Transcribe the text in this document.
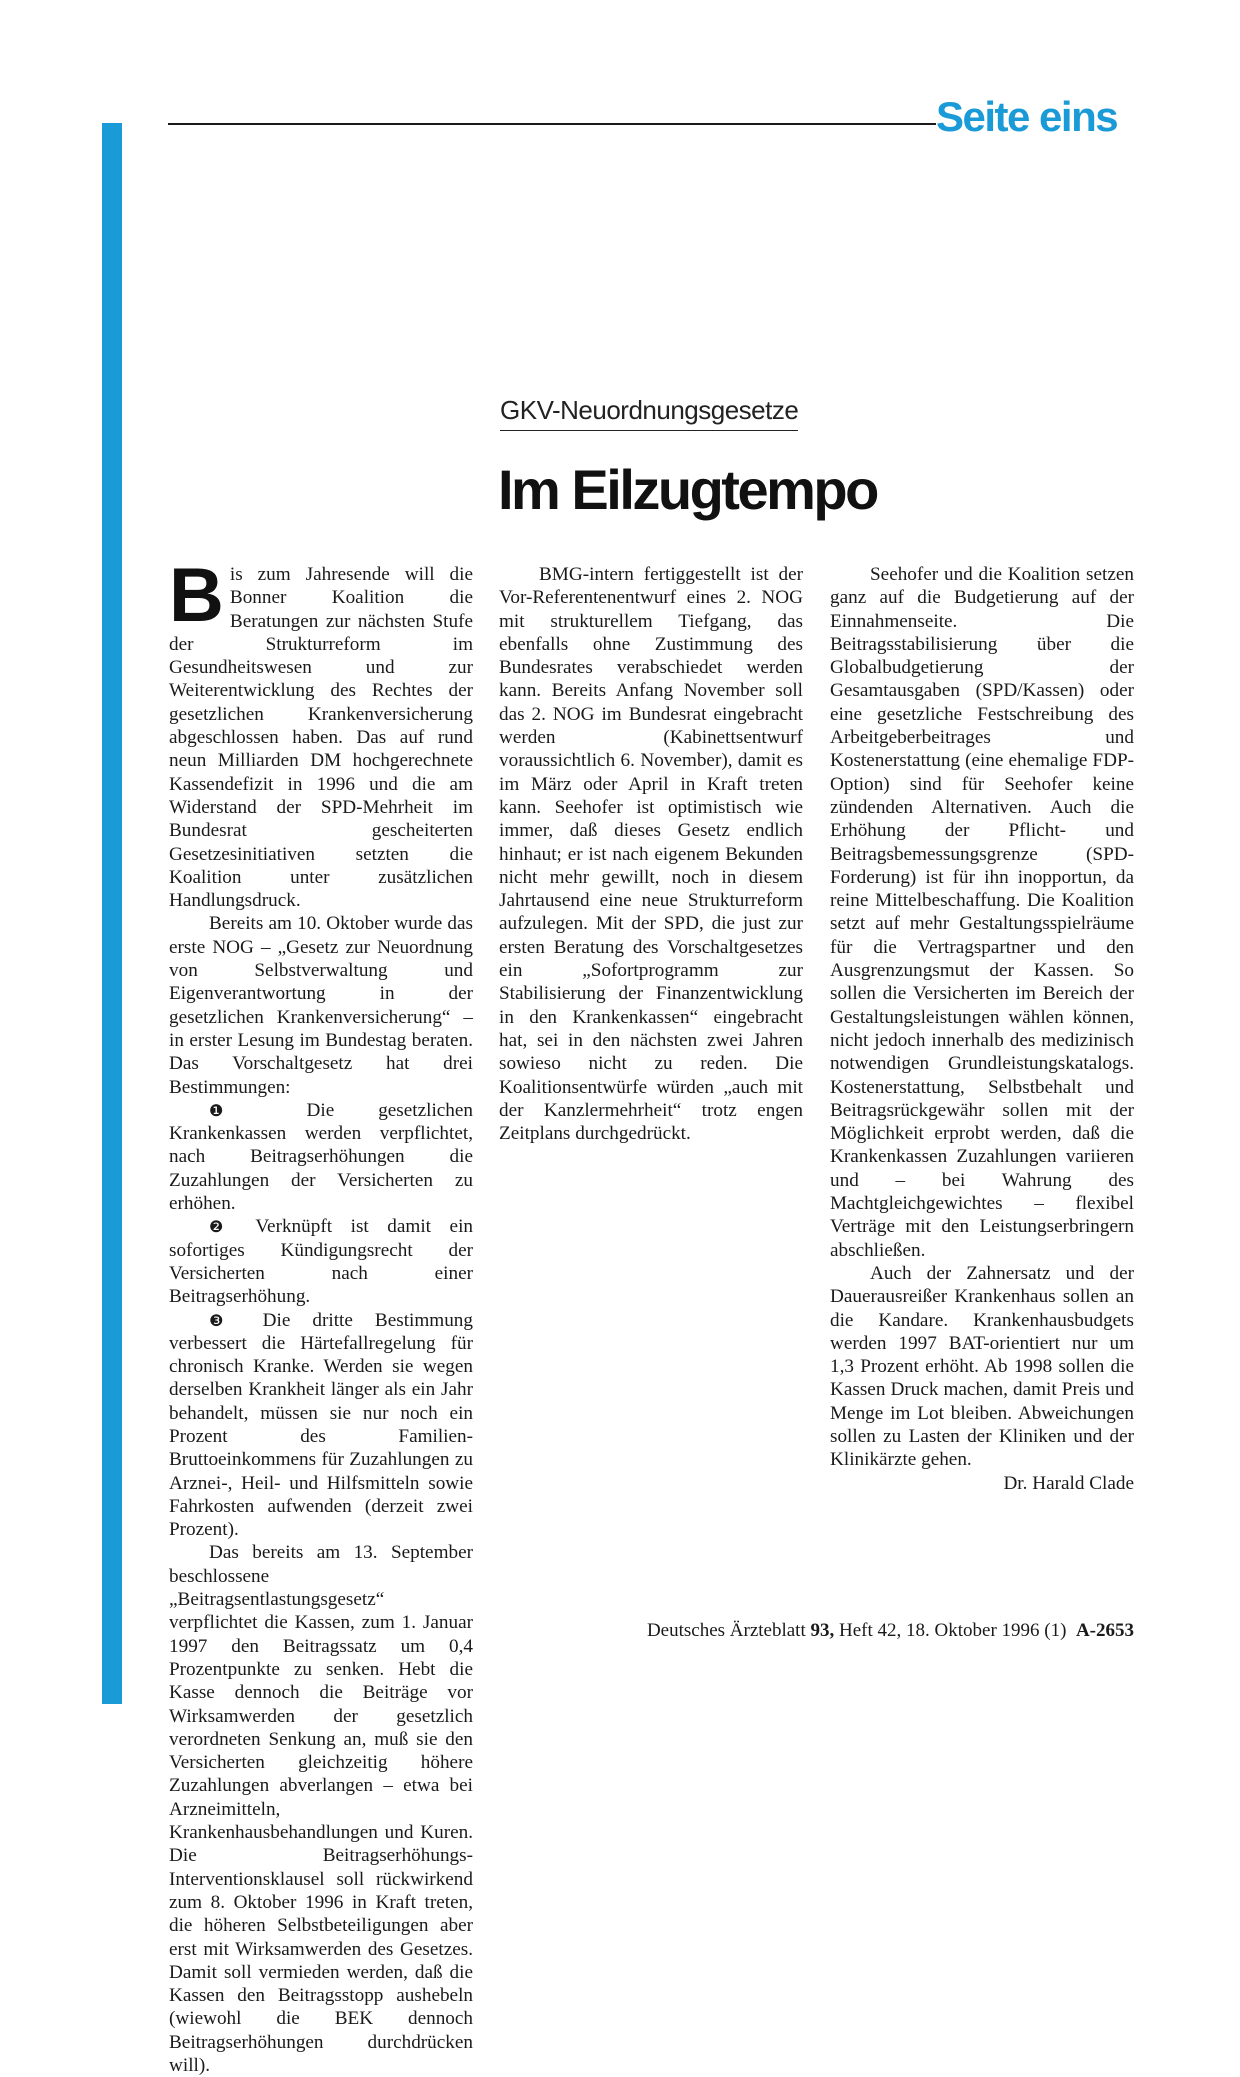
Seite eins
GKV-Neuordnungsgesetze
Im Eilzugtempo

Bis zum Jahresende will die Bonner Koalition die Beratungen zur nächsten Stufe der Strukturreform im Gesundheitswesen und zur Weiterentwicklung des Rechtes der gesetzlichen Krankenversicherung abgeschlossen haben. Das auf rund neun Milliarden DM hochgerechnete Kassendefizit in 1996 und die am Widerstand der SPD-Mehrheit im Bundesrat gescheiterten Gesetzesinitiativen setzten die Koalition unter zusätzlichen Handlungsdruck.

Bereits am 10. Oktober wurde das erste NOG – „Gesetz zur Neuordnung von Selbstverwaltung und Eigenverantwortung in der gesetzlichen Krankenversicherung“ – in erster Lesung im Bundestag beraten. Das Vorschaltgesetz hat drei Bestimmungen:

❶ Die gesetzlichen Krankenkassen werden verpflichtet, nach Beitragserhöhungen die Zuzahlungen der Versicherten zu erhöhen.

❷ Verknüpft ist damit ein sofortiges Kündigungsrecht der Versicherten nach einer Beitragserhöhung.

❸ Die dritte Bestimmung verbessert die Härtefallregelung für chronisch Kranke. Werden sie wegen derselben Krankheit länger als ein Jahr behandelt, müssen sie nur noch ein Prozent des Familien-Bruttoeinkommens für Zuzahlungen zu Arznei-, Heil- und Hilfsmitteln sowie Fahrkosten aufwenden (derzeit zwei Prozent).

Das bereits am 13. September beschlossene „Beitragsentlastungsgesetz“ verpflichtet die Kassen, zum 1. Januar 1997 den Beitragssatz um 0,4 Prozentpunkte zu senken. Hebt die Kasse dennoch die Beiträge vor Wirksamwerden der gesetzlich verordneten Senkung an, muß sie den Versicherten gleichzeitig höhere Zuzahlungen abverlangen – etwa bei Arzneimitteln, Krankenhausbehandlungen und Kuren. Die Beitragserhöhungs-Interventionsklausel soll rückwirkend zum 8. Oktober 1996 in Kraft treten, die höheren Selbstbeteiligungen aber erst mit Wirksamwerden des Gesetzes. Damit soll vermieden werden, daß die Kassen den Beitragsstopp aushebeln (wiewohl die BEK dennoch Beitragserhöhungen durchdrücken will).

BMG-intern fertiggestellt ist der Vor-Referentenentwurf eines 2. NOG mit strukturellem Tiefgang, das ebenfalls ohne Zustimmung des Bundesrates verabschiedet werden kann. Bereits Anfang November soll das 2. NOG im Bundesrat eingebracht werden (Kabinettsentwurf voraussichtlich 6. November), damit es im März oder April in Kraft treten kann. Seehofer ist optimistisch wie immer, daß dieses Gesetz endlich hinhaut; er ist nach eigenem Bekunden nicht mehr gewillt, noch in diesem Jahrtausend eine neue Strukturreform aufzulegen. Mit der SPD, die just zur ersten Beratung des Vorschaltgesetzes ein „Sofortprogramm zur Stabilisierung der Finanzentwicklung in den Krankenkassen“ eingebracht hat, sei in den nächsten zwei Jahren sowieso nicht zu reden. Die Koalitionsentwürfe würden „auch mit der Kanzlermehrheit“ trotz engen Zeitplans durchgedrückt.

Seehofer und die Koalition setzen ganz auf die Budgetierung auf der Einnahmenseite. Die Beitragsstabilisierung über die Globalbudgetierung der Gesamtausgaben (SPD/Kassen) oder eine gesetzliche Festschreibung des Arbeitgeberbeitrages und Kostenerstattung (eine ehemalige FDP-Option) sind für Seehofer keine zündenden Alternativen. Auch die Erhöhung der Pflicht- und Beitragsbemessungsgrenze (SPD-Forderung) ist für ihn inopportun, da reine Mittelbeschaffung. Die Koalition setzt auf mehr Gestaltungsspielräume für die Vertragspartner und den Ausgrenzungsmut der Kassen. So sollen die Versicherten im Bereich der Gestaltungsleistungen wählen können, nicht jedoch innerhalb des medizinisch notwendigen Grundleistungskatalogs. Kostenerstattung, Selbstbehalt und Beitragsrückgewähr sollen mit der Möglichkeit erprobt werden, daß die Krankenkassen Zuzahlungen variieren und – bei Wahrung des Machtgleichgewichtes – flexibel Verträge mit den Leistungserbringern abschließen.

Auch der Zahnersatz und der Dauerausreißer Krankenhaus sollen an die Kandare. Krankenhausbudgets werden 1997 BAT-orientiert nur um 1,3 Prozent erhöht. Ab 1998 sollen die Kassen Druck machen, damit Preis und Menge im Lot bleiben. Abweichungen sollen zu Lasten der Kliniken und der Klinikärzte gehen.
Dr. Harald Clade

Deutsches Ärzteblatt 93, Heft 42, 18. Oktober 1996 (1) A-2653
